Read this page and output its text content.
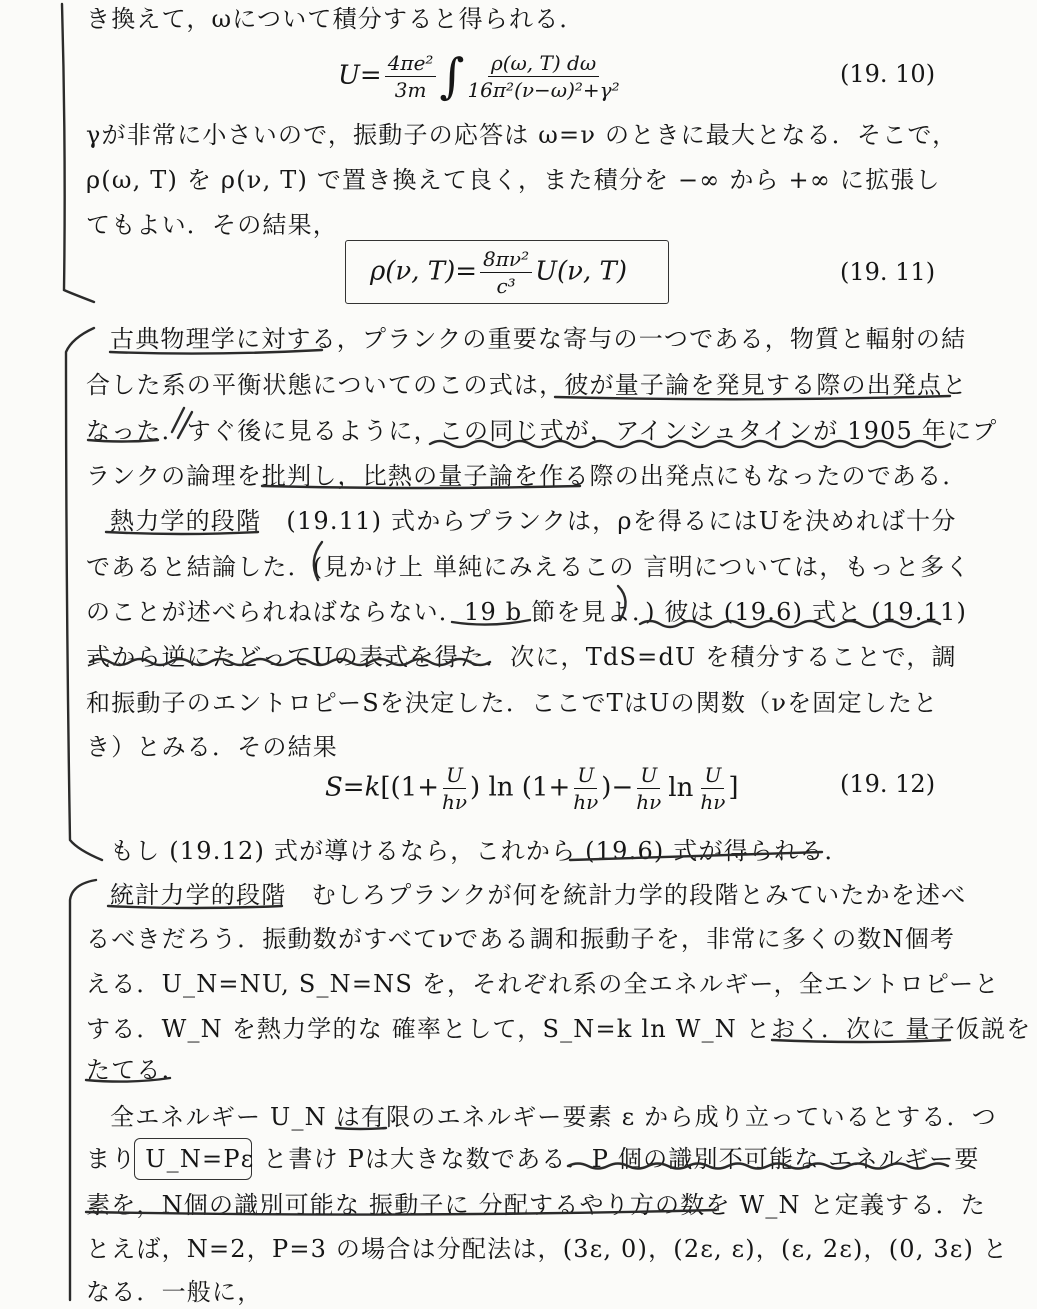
き換えて，ωについて積分すると得られる．
$U= \frac{\text{4πe²}}{3m}$ ∫ $\frac{\rho(\omega, T) d\omega}{\text{16π²(ν−ω)²+γ²}}$	(19. 10)
γが非常に小さいので，振動子の応答は ω=ν のときに最大となる．そこで，
ρ(ω, T) を ρ(ν, T) で置き換えて良く，また積分を −∞ から +∞ に拡張し
てもよい．その結果，
ρ(ν, $T)= \frac{\text{8πν²}}{\text{c³}} U(\nu$, T)	(19. 11)
古典物理学に対する，プランクの重要な寄与の一つである，物質と輻射の結
合した系の平衡状態についてのこの式は，彼が量子論を発見する際の出発点と
なった．すぐ後に見るように，この同じ式が，アインシュタインが 1905 年にプ
ランクの論理を批判し，比熱の量子論を作る際の出発点にもなったのである．
熱力学的段階　(19.11) 式からプランクは，ρを得るにはUを決めれば十分
であると結論した．(見かけ上 単純にみえるこの 言明については，もっと多く
のことが述べられねばならない．19 b 節を見よ．) 彼は (19.6) 式と (19.11)
式から逆にたどってUの表式を得た．次に，TdS=dU を積分することで，調
和振動子のエントロピーSを決定した．ここでTはUの関数（νを固定したと
き）とみる．その結果
$S=k[(1+ \frac{U}{h\nu}$ ) $\ln (1+ \frac{U}{h\nu}$ )− $\frac{U}{h\nu}$ $\ln \frac{U}{h\nu}$ ]	(19. 12)
もし (19.12) 式が導けるなら，これから (19.6) 式が得られる．
統計力学的段階　むしろプランクが何を統計力学的段階とみていたかを述べ
るべきだろう．振動数がすべてνである調和振動子を，非常に多くの数N個考
える．U_N=NU, S_N=NS を，それぞれ系の全エネルギー，全エントロピーと
する．W_N を熱力学的な 確率として，S_N=k ln W_N とおく．次に 量子仮説を
たてる．
全エネルギー U_N は有限のエネルギー要素 ε から成り立っているとする．つ
まり U_N=Pε と書け Pは大きな数である．P 個の識別不可能な エネルギー要
素を，N個の識別可能な 振動子に 分配するやり方の数を W_N と定義する．た
とえば，N=2，P=3 の場合は分配法は，(3ε, 0)，(2ε, ε)，(ε, 2ε)，(0, 3ε) と
なる．一般に，
